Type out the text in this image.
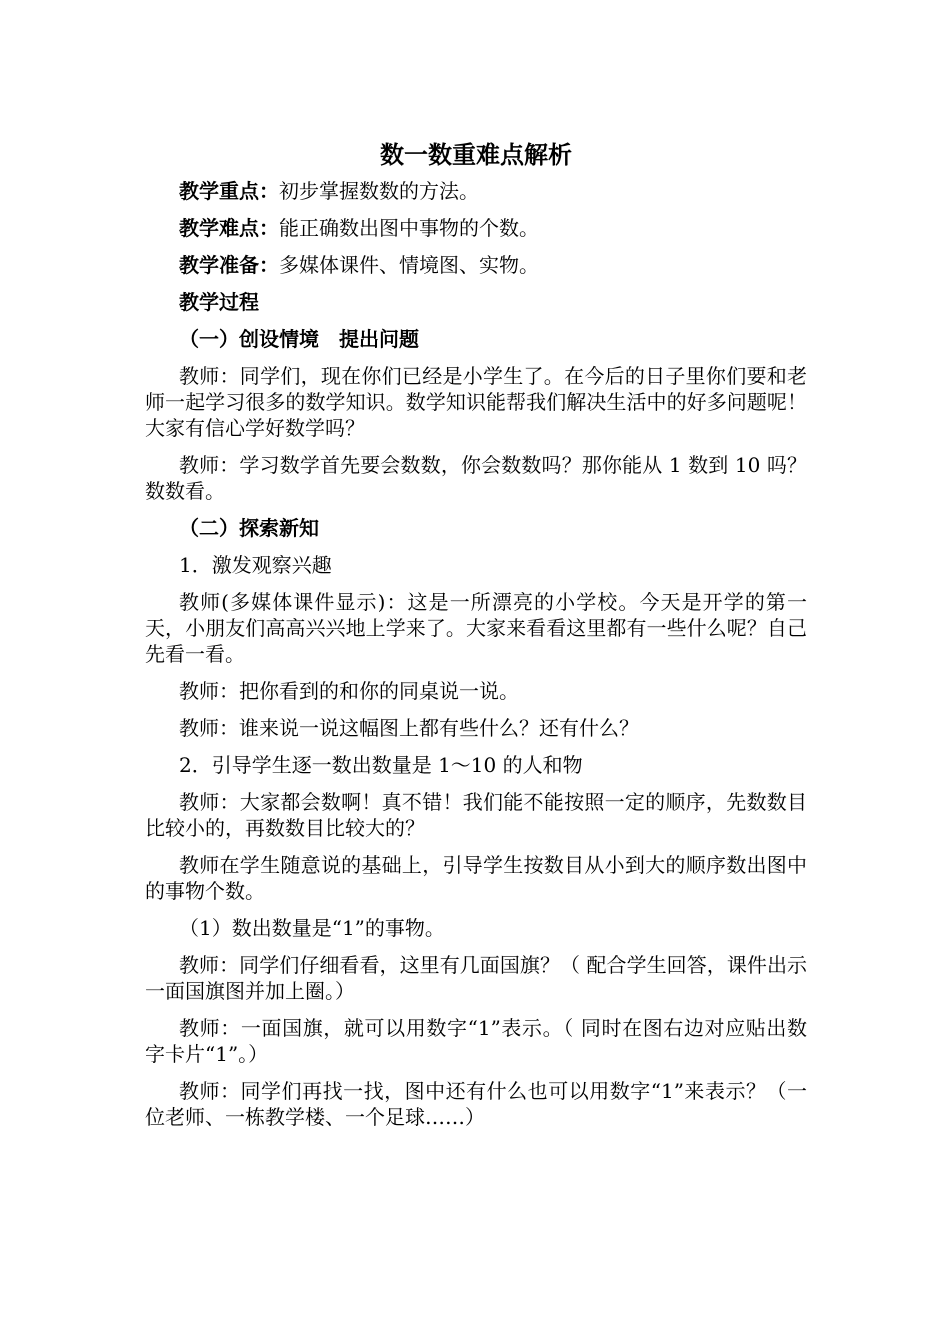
数一数重难点解析
教学重点：初步掌握数数的方法。
教学难点：能正确数出图中事物的个数。
教学准备：多媒体课件、情境图、实物。
教学过程
（一）创设情境　提出问题
教师：同学们，现在你们已经是小学生了。在今后的日子里你们要和老师一起学习很多的数学知识。数学知识能帮我们解决生活中的好多问题呢！大家有信心学好数学吗？
教师：学习数学首先要会数数，你会数数吗？那你能从 1 数到 10 吗？数数看。
（二）探索新知
1．激发观察兴趣
教师(多媒体课件显示)：这是一所漂亮的小学校。今天是开学的第一天，小朋友们高高兴兴地上学来了。大家来看看这里都有一些什么呢？自己先看一看。
教师：把你看到的和你的同桌说一说。
教师：谁来说一说这幅图上都有些什么？还有什么？
2．引导学生逐一数出数量是 1～10 的人和物
教师：大家都会数啊！真不错！我们能不能按照一定的顺序，先数数目比较小的，再数数目比较大的？
教师在学生随意说的基础上，引导学生按数目从小到大的顺序数出图中的事物个数。
（1）数出数量是“1”的事物。
教师：同学们仔细看看，这里有几面国旗？（ 配合学生回答，课件出示一面国旗图并加上圈。）
教师：一面国旗，就可以用数字“1”表示。（ 同时在图右边对应贴出数字卡片“1”。）
教师：同学们再找一找，图中还有什么也可以用数字“1”来表示？（一位老师、一栋教学楼、一个足球……）
